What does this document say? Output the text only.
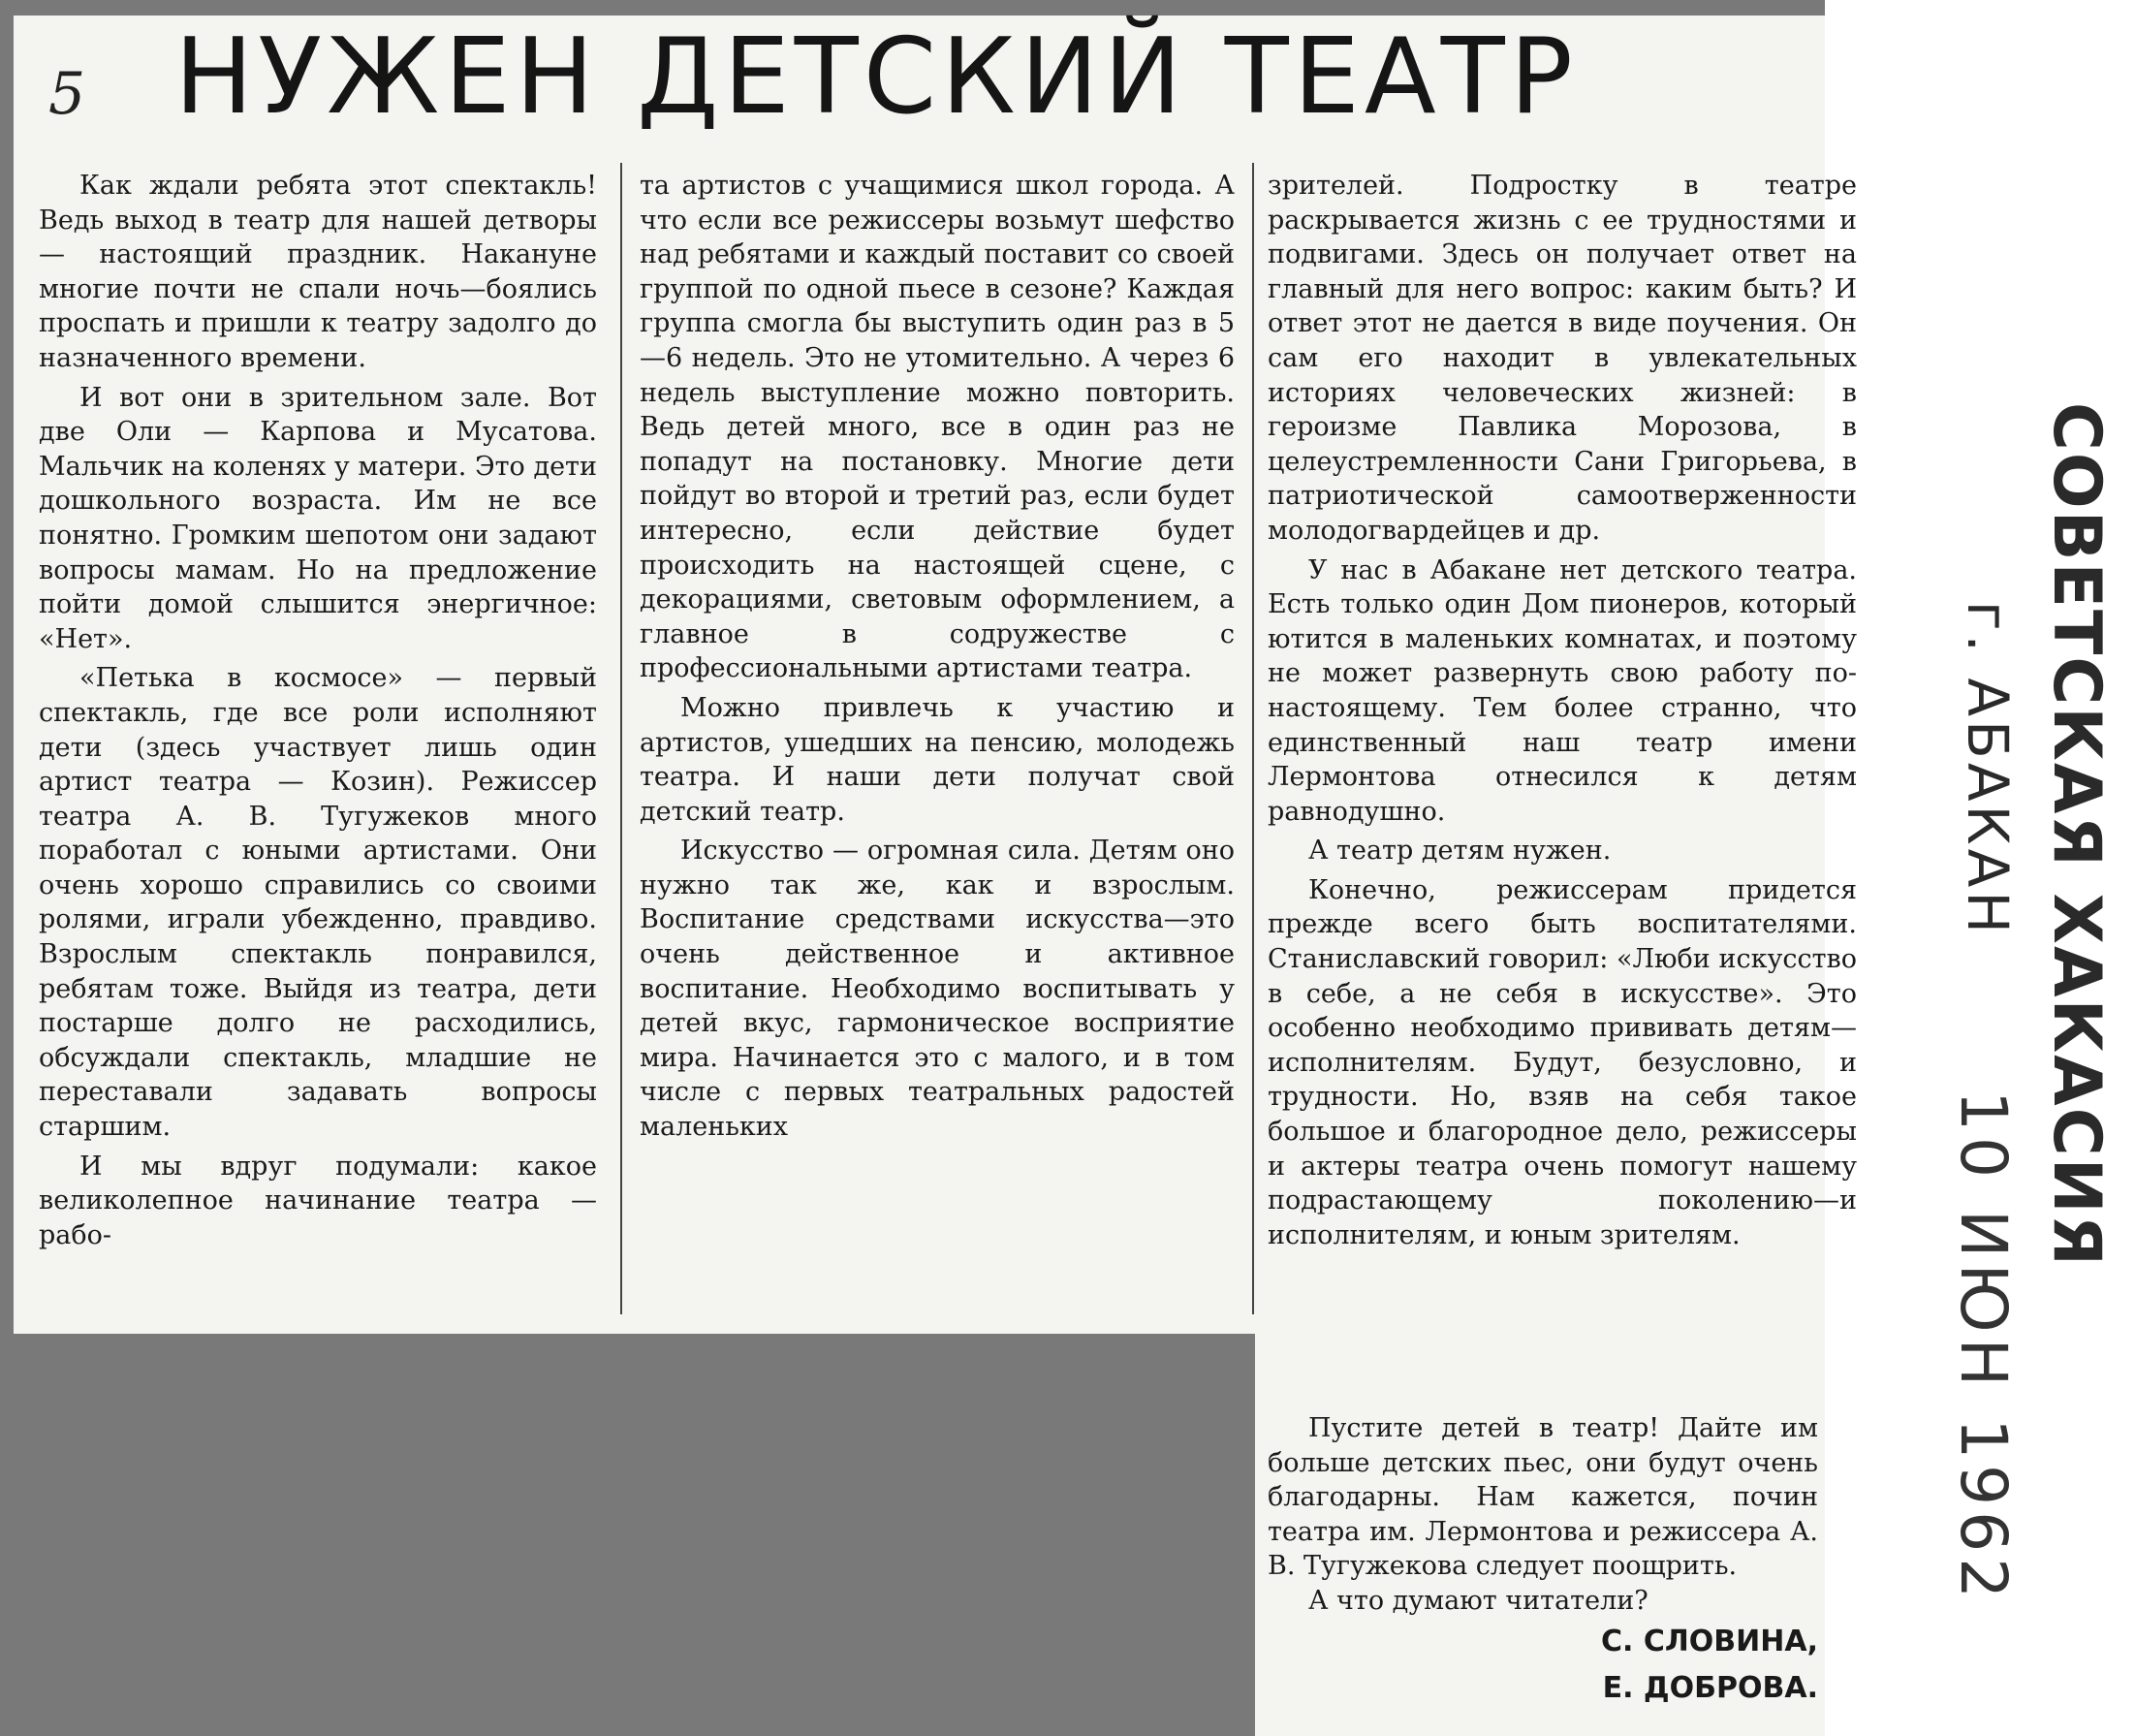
5 НУЖЕН ДЕТСКИЙ ТЕАТР

Как ждали ребята этот спектакль! Ведь выход в театр для нашей детворы — настоящий праздник. Накануне многие почти не спали ночь—боялись проспать и пришли к театру задолго до назначенного времени.

И вот они в зрительном зале. Вот две Оли — Карпова и Мусатова. Мальчик на коленях у матери. Это дети дошкольного возраста. Им не все понятно. Громким шепотом они задают вопросы мамам. Но на предложение пойти домой слышится энергичное: «Нет».

«Петька в космосе» — первый спектакль, где все роли исполняют дети (здесь участвует лишь один артист театра — Козин). Режиссер театра А. В. Тугужеков много поработал с юными артистами. Они очень хорошо справились со своими ролями, играли убежденно, правдиво. Взрослым спектакль понравился, ребятам тоже. Выйдя из театра, дети постарше долго не расходились, обсуждали спектакль, младшие не переставали задавать вопросы старшим.

И мы вдруг подумали: какое великолепное начинание театра — рабо-

та артистов с учащимися школ города. А что если все режиссеры возьмут шефство над ребятами и каждый поставит со своей группой по одной пьесе в сезоне? Каждая группа смогла бы выступить один раз в 5—6 недель. Это не утомительно. А через 6 недель выступление можно повторить. Ведь детей много, все в один раз не попадут на постановку. Многие дети пойдут во второй и третий раз, если будет интересно, если действие будет происходить на настоящей сцене, с декорациями, световым оформлением, а главное в содружестве с профессиональными артистами театра.

Можно привлечь к участию и артистов, ушедших на пенсию, молодежь театра. И наши дети получат свой детский театр.

Искусство — огромная сила. Детям оно нужно так же, как и взрослым. Воспитание средствами искусства—это очень действенное и активное воспитание. Необходимо воспитывать у детей вкус, гармоническое восприятие мира. Начинается это с малого, и в том числе с первых театральных радостей маленьких

зрителей. Подростку в театре раскрывается жизнь с ее трудностями и подвигами. Здесь он получает ответ на главный для него вопрос: каким быть? И ответ этот не дается в виде поучения. Он сам его находит в увлекательных историях человеческих жизней: в героизме Павлика Морозова, в целеустремленности Сани Григорьева, в патриотической самоотверженности молодогвардейцев и др.

У нас в Абакане нет детского театра. Есть только один Дом пионеров, который ютится в маленьких комнатах, и поэтому не может развернуть свою работу по-настоящему. Тем более странно, что единственный наш театр имени Лермонтова отнесился к детям равнодушно.

А театр детям нужен.

Конечно, режиссерам придется прежде всего быть воспитателями. Станиславский говорил: «Люби искусство в себе, а не себя в искусстве». Это особенно необходимо прививать детям—исполнителям. Будут, безусловно, и трудности. Но, взяв на себя такое большое и благородное дело, режиссеры и актеры театра очень помогут нашему подрастающему поколению—и исполнителям, и юным зрителям.

Пустите детей в театр! Дайте им больше детских пьес, они будут очень благодарны. Нам кажется, почин театра им. Лермонтова и режиссера А. В. Тугужекова следует поощрить.

А что думают читатели?

С. СЛОВИНА,
Е. ДОБРОВА.
СОВЕТСКАЯ ХАКАСИЯ
г. АБАКАН
10 ИЮН 1962
